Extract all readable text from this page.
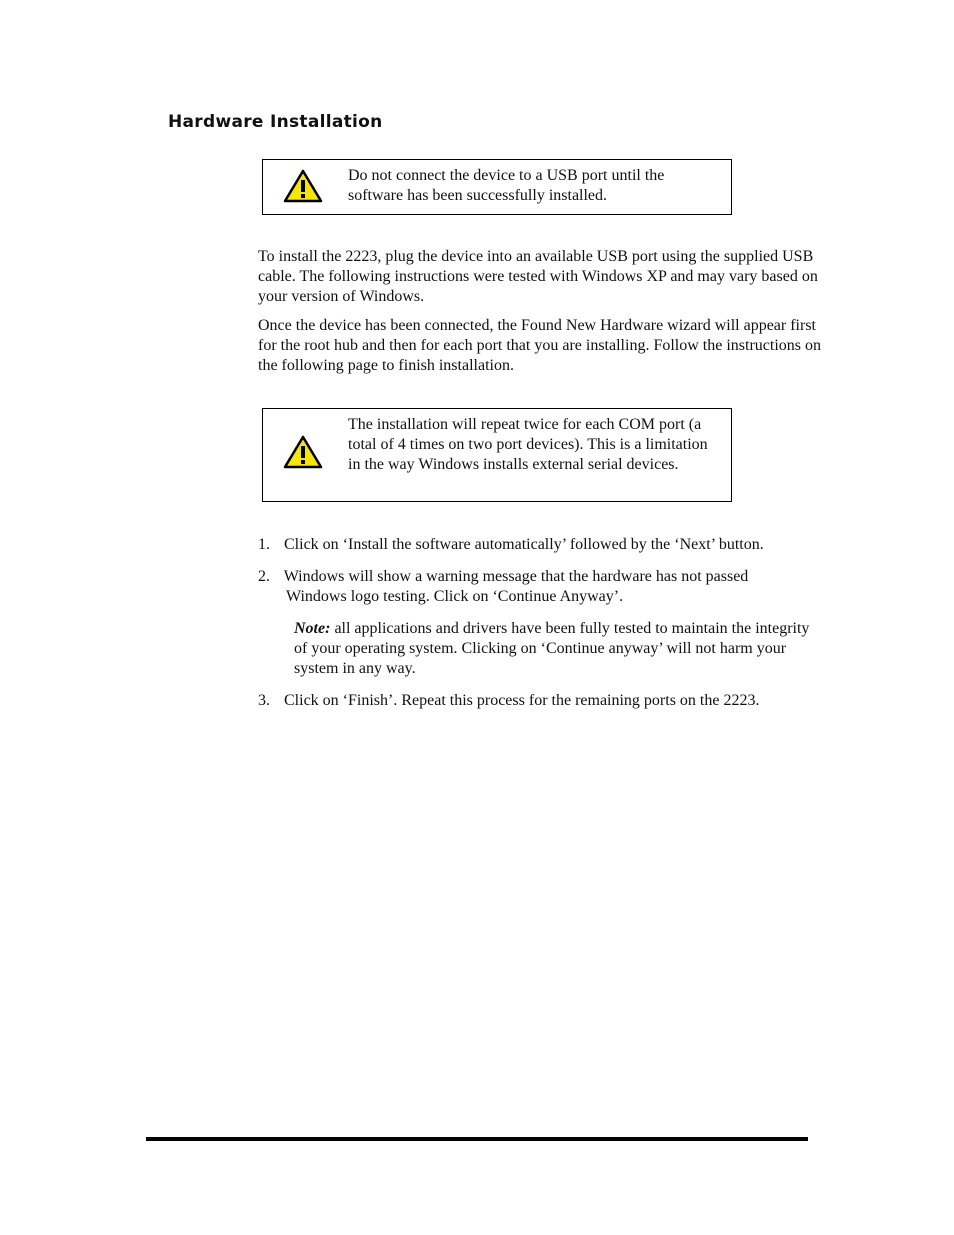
Hardware Installation
Do not connect the device to a USB port until the software has been successfully installed.

To install the 2223, plug the device into an available USB port using the supplied USB cable. The following instructions were tested with Windows XP and may vary based on your version of Windows.

Once the device has been connected, the Found New Hardware wizard will appear first for the root hub and then for each port that you are installing. Follow the instructions on the following page to finish installation.

The installation will repeat twice for each COM port (a total of 4 times on two port devices). This is a limitation in the way Windows installs external serial devices.
1. Click on ‘Install the software automatically’ followed by the ‘Next’ button.
2. Windows will show a warning message that the hardware has not passed
Windows logo testing. Click on ‘Continue Anyway’.
Note: all applications and drivers have been fully tested to maintain the integrity of your operating system. Clicking on ‘Continue anyway’ will not harm your system in any way.
3. Click on ‘Finish’. Repeat this process for the remaining ports on the 2223.
